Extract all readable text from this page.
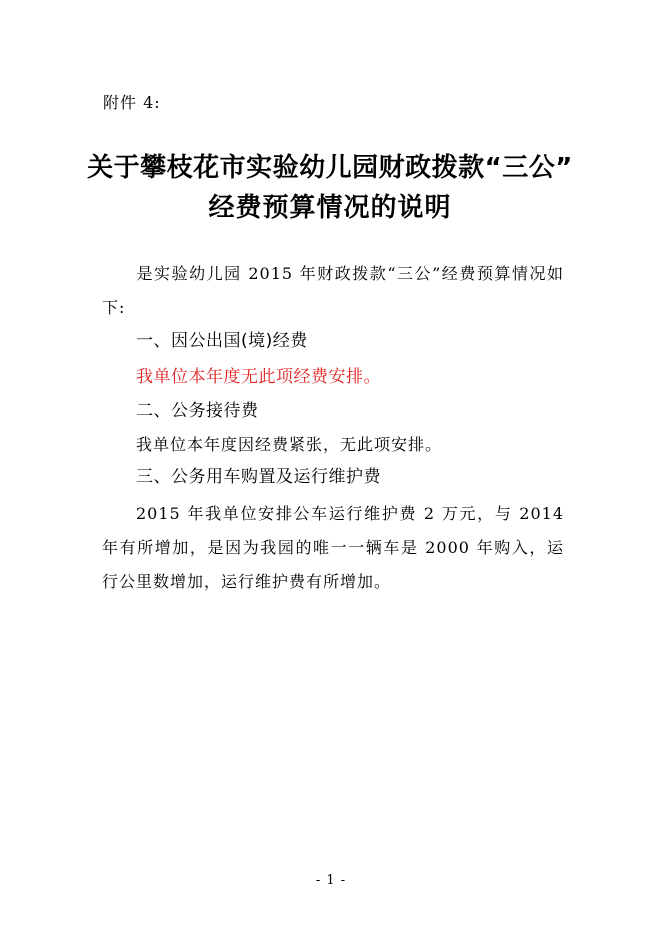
附件 4:
关于攀枝花市实验幼儿园财政拨款“三公”
经费预算情况的说明
是实验幼儿园 2015 年财政拨款“三公”经费预算情况如下:
一、因公出国(境)经费
我单位本年度无此项经费安排。
二、公务接待费
我单位本年度因经费紧张，无此项安排。
三、公务用车购置及运行维护费
2015 年我单位安排公车运行维护费 2 万元，与 2014 年有所增加，是因为我园的唯一一辆车是 2000 年购入，运行公里数增加，运行维护费有所增加。
- 1 -
